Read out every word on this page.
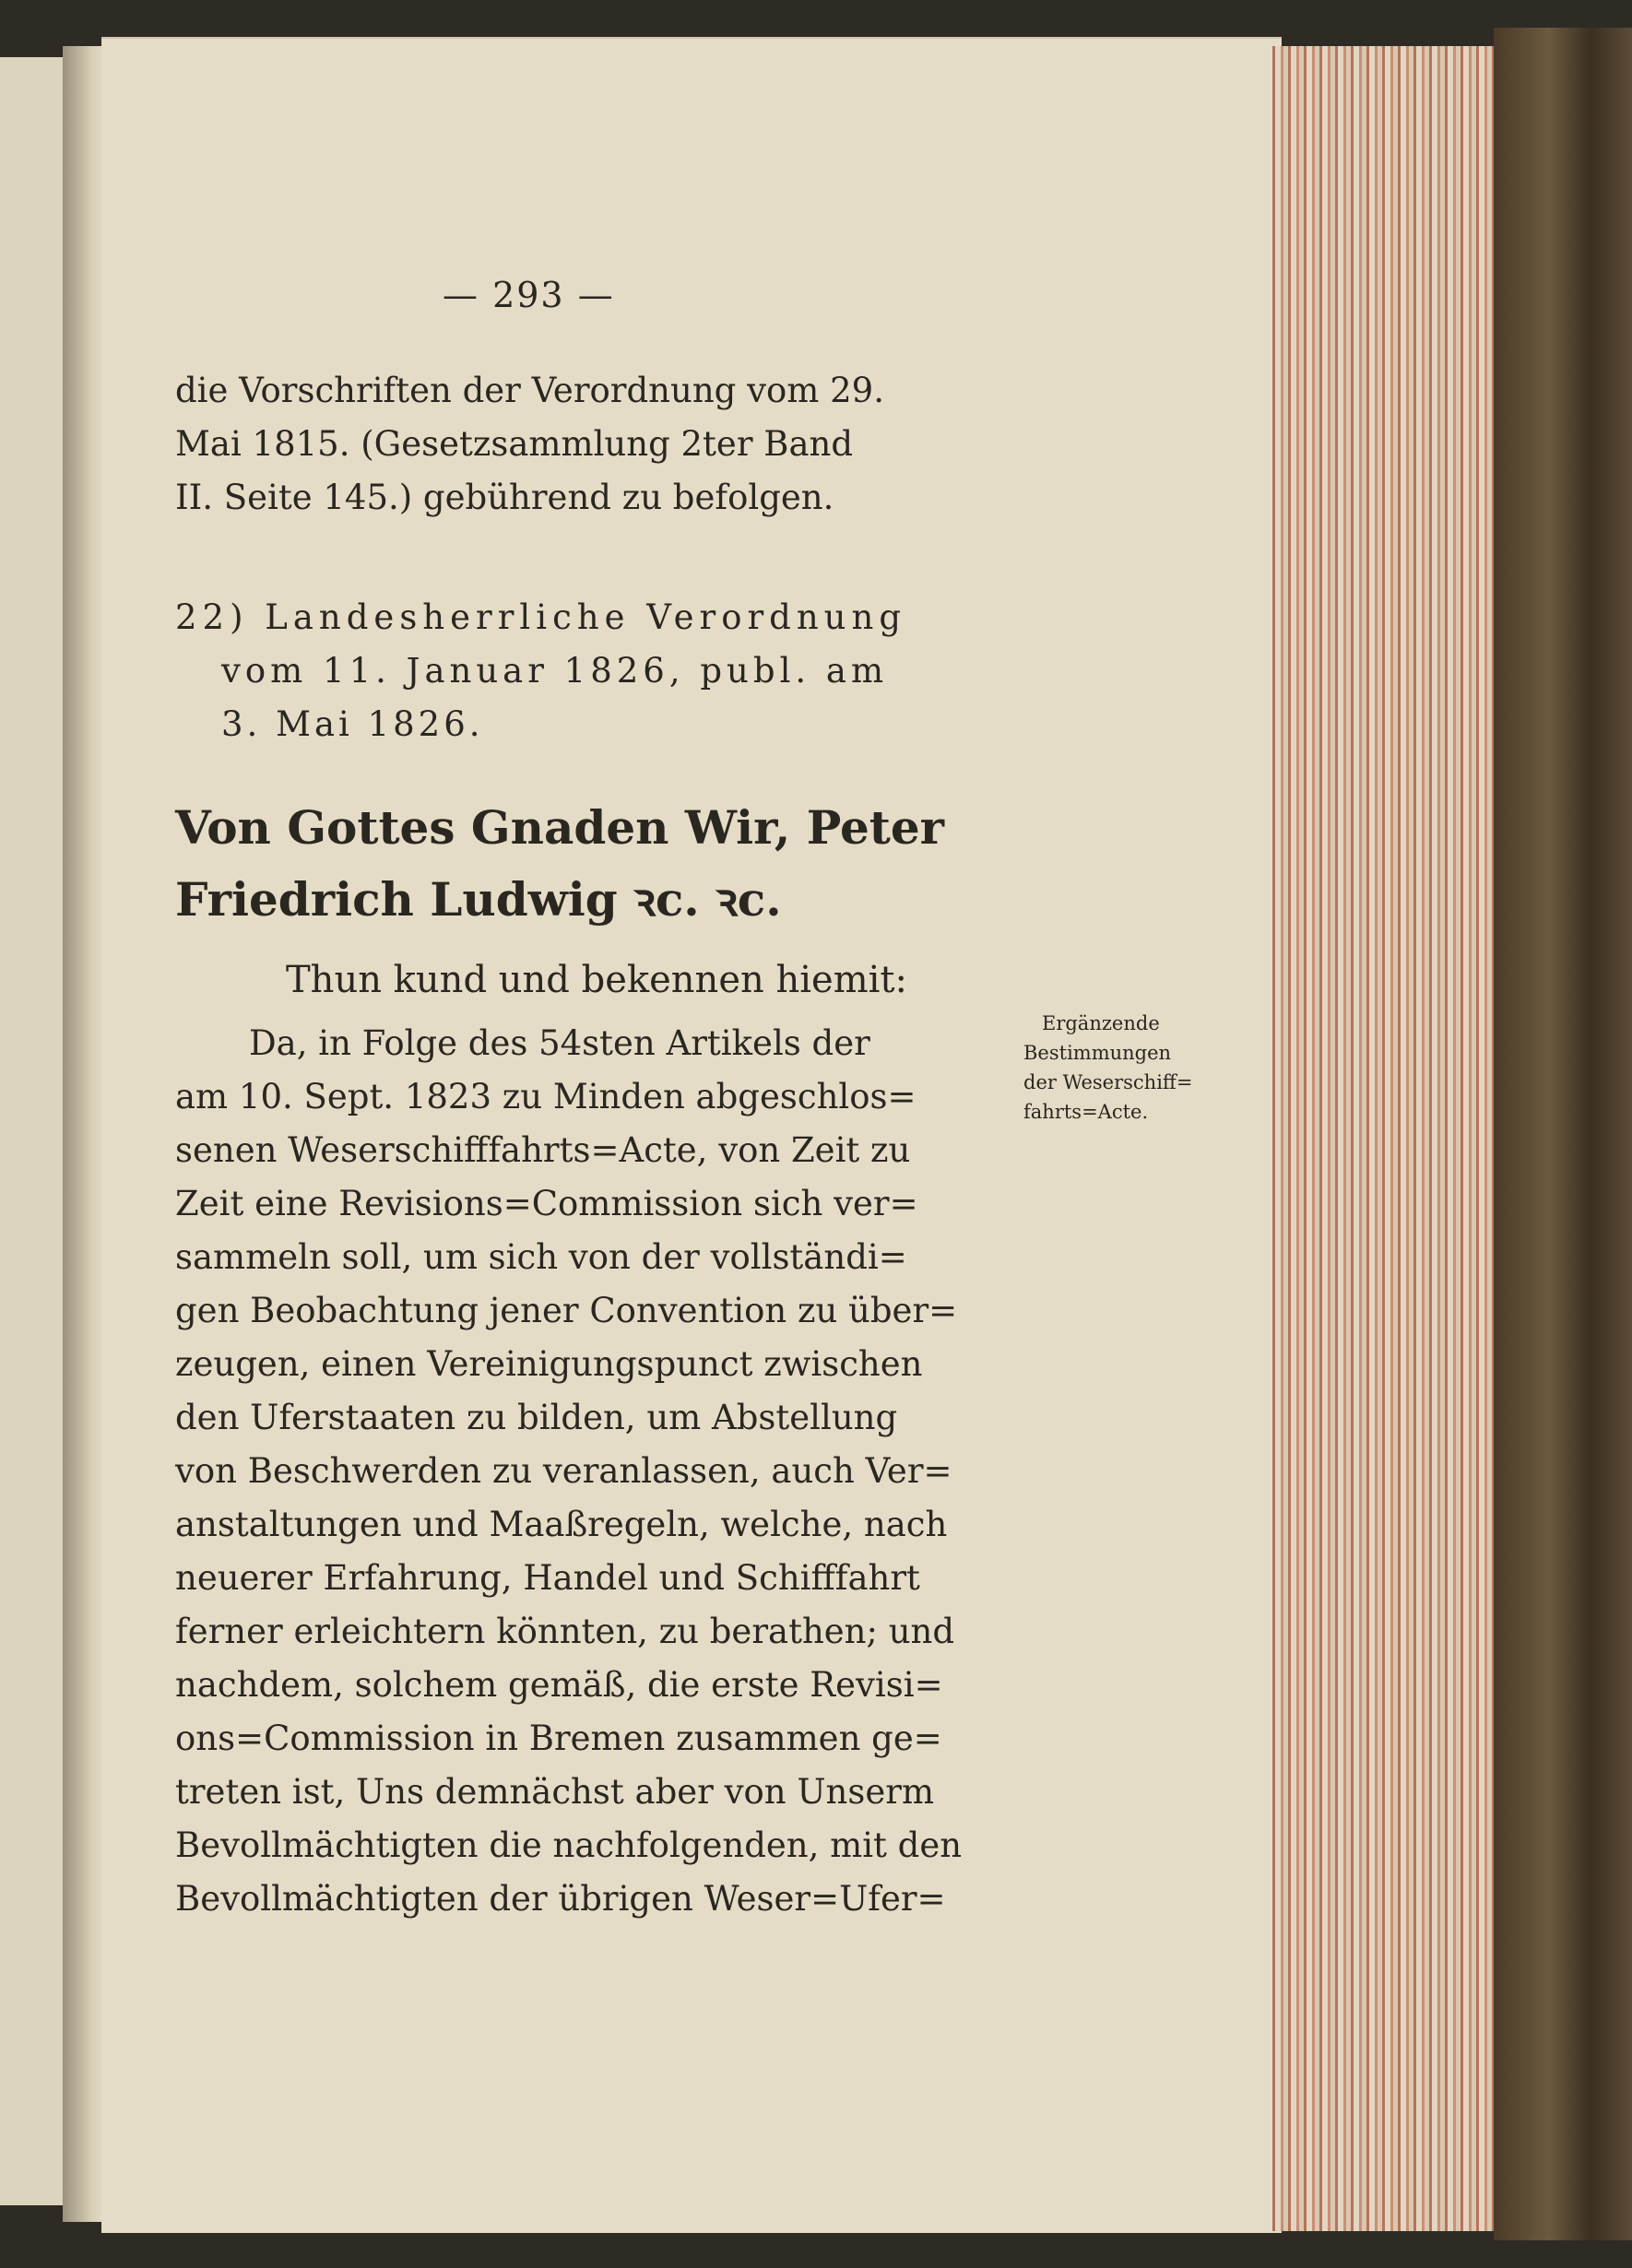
— 293 —
die Vorschriften der Verordnung vom 29.
Mai 1815. (Gesetzsammlung 2ter Band
II. Seite 145.) gebührend zu befolgen.
22) Landesherrliche Verordnung
vom 11. Januar 1826, publ. am
3. Mai 1826.
Von Gottes Gnaden Wir, Peter
Friedrich Ludwig ꝛc. ꝛc.
Thun kund und bekennen hiemit:
Da, in Folge des 54sten Artikels der
am 10. Sept. 1823 zu Minden abgeschlos=
senen Weserschifffahrts=Acte, von Zeit zu
Zeit eine Revisions=Commission sich ver=
sammeln soll, um sich von der vollständi=
gen Beobachtung jener Convention zu über=
zeugen, einen Vereinigungspunct zwischen
den Uferstaaten zu bilden, um Abstellung
von Beschwerden zu veranlassen, auch Ver=
anstaltungen und Maaßregeln, welche, nach
neuerer Erfahrung, Handel und Schifffahrt
ferner erleichtern könnten, zu berathen; und
nachdem, solchem gemäß, die erste Revisi=
ons=Commission in Bremen zusammen ge=
treten ist, Uns demnächst aber von Unserm
Bevollmächtigten die nachfolgenden, mit den
Bevollmächtigten der übrigen Weser=Ufer=
Ergänzende
Bestimmungen
der Weserschiff=
fahrts=Acte.
